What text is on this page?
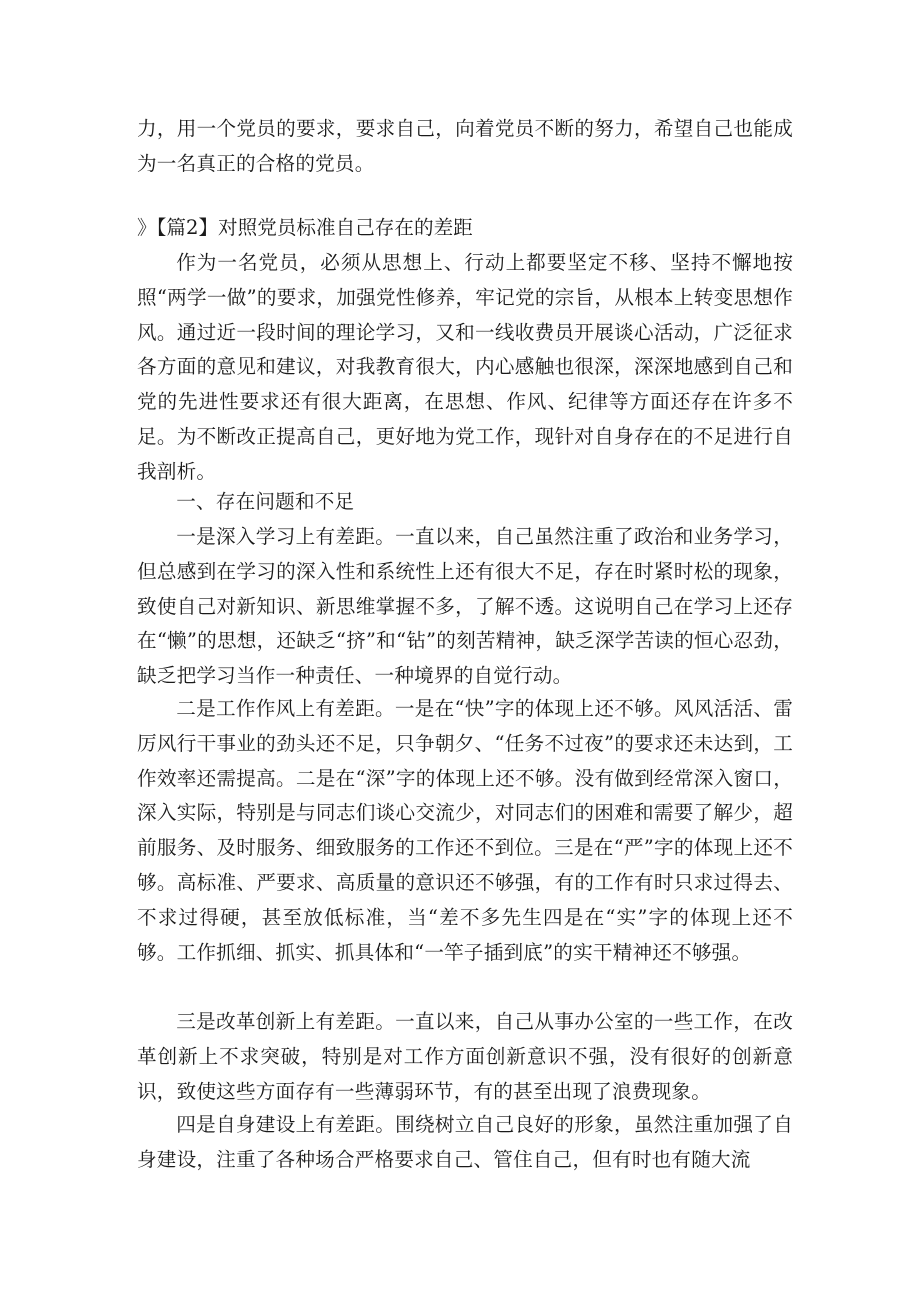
力，用一个党员的要求，要求自己，向着党员不断的努力，希望自己也能成为一名真正的合格的党员。

》【篇2】对照党员标准自己存在的差距

作为一名党员，必须从思想上、行动上都要坚定不移、坚持不懈地按照“两学一做”的要求，加强党性修养，牢记党的宗旨，从根本上转变思想作风。通过近一段时间的理论学习，又和一线收费员开展谈心活动，广泛征求各方面的意见和建议，对我教育很大，内心感触也很深，深深地感到自己和党的先进性要求还有很大距离，在思想、作风、纪律等方面还存在许多不足。为不断改正提高自己，更好地为党工作，现针对自身存在的不足进行自我剖析。

一、存在问题和不足

一是深入学习上有差距。一直以来，自己虽然注重了政治和业务学习，但总感到在学习的深入性和系统性上还有很大不足，存在时紧时松的现象，致使自己对新知识、新思维掌握不多，了解不透。这说明自己在学习上还存在“懒”的思想，还缺乏“挤”和“钻”的刻苦精神，缺乏深学苦读的恒心忍劲，缺乏把学习当作一种责任、一种境界的自觉行动。

二是工作作风上有差距。一是在“快”字的体现上还不够。风风活活、雷厉风行干事业的劲头还不足，只争朝夕、“任务不过夜”的要求还未达到，工作效率还需提高。二是在“深”字的体现上还不够。没有做到经常深入窗口，深入实际，特别是与同志们谈心交流少，对同志们的困难和需要了解少，超前服务、及时服务、细致服务的工作还不到位。三是在“严”字的体现上还不够。高标准、严要求、高质量的意识还不够强，有的工作有时只求过得去、不求过得硬，甚至放低标准，当“差不多先生四是在“实”字的体现上还不够。工作抓细、抓实、抓具体和“一竿子插到底”的实干精神还不够强。

三是改革创新上有差距。一直以来，自己从事办公室的一些工作，在改革创新上不求突破，特别是对工作方面创新意识不强，没有很好的创新意识，致使这些方面存有一些薄弱环节，有的甚至出现了浪费现象。

四是自身建设上有差距。围绕树立自己良好的形象，虽然注重加强了自身建设，注重了各种场合严格要求自己、管住自己，但有时也有随大流
